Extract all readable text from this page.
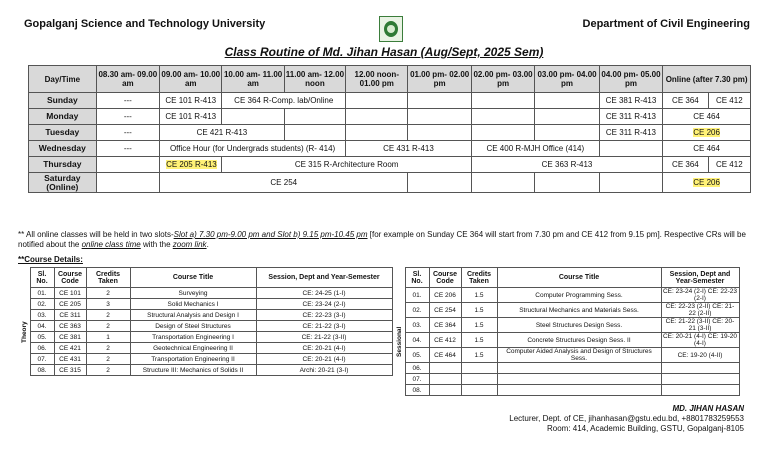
Gopalganj Science and Technology University	Department of Civil Engineering
Class Routine of Md. Jihan Hasan (Aug/Sept, 2025 Sem)
Day/Time	08.30 am- 09.00 am	09.00 am- 10.00 am	10.00 am- 11.00 am	11.00 am- 12.00 noon	12.00 noon- 01.00 pm	01.00 pm- 02.00 pm	02.00 pm- 03.00 pm	03.00 pm- 04.00 pm	04.00 pm- 05.00 pm	Online (after 7.30 pm)	
Sunday	---	CE 101 R-413	CE 364 R-Comp. lab/Online						CE 381 R-413	CE 364	CE 412
Monday	---	CE 101 R-413							CE 311 R-413	CE 464	
Tuesday	---	CE 421 R-413							CE 311 R-413	CE 206	
Wednesday	---	Office Hour (for Undergrads students) (R- 414)			CE 431 R-413		CE 400 R-MJH Office (414)			CE 464	
Thursday		CE 205 R-413	CE 315 R-Architecture Room				CE 363 R-413			CE 364	CE 412
Saturday (Online)		CE 254								CE 206	
** All online classes will be held in two slots-Slot a) 7.30 pm-9.00 pm and Slot b) 9.15 pm-10.45 pm [for example on Sunday CE 364 will start from 7.30 pm and CE 412 from 9.15 pm]. Respective CRs will be notified about the online class time with the zoom link.
**Course Details:
	Sl. No.	Course Code	Credits Taken	Course Title	Session, Dept and Year-Semester
Theory	01.	CE 101	2	Surveying	CE: 24-25 (1-I)
	02.	CE 205	3	Solid Mechanics I	CE: 23-24 (2-I)
	03.	CE 311	2	Structural Analysis and Design I	CE: 22-23 (3-I)
	04.	CE 363	2	Design of Steel Structures	CE: 21-22 (3-I)
	05.	CE 381	1	Transportation Engineering I	CE: 21-22 (3-II)
	06.	CE 421	2	Geotechnical Engineering II	CE: 20-21 (4-I)
	07.	CE 431	2	Transportation Engineering II	CE: 20-21 (4-I)
	08.	CE 315	2	Structure III: Mechanics of Solids II	Archi: 20-21 (3-I)
	Sl. No.	Course Code	Credits Taken	Course Title	Session, Dept and Year-Semester
Sessional	01.	CE 206	1.5	Computer Programming Sess.	CE: 23-24 (2-I) CE: 22-23 (2-I)
	02.	CE 254	1.5	Structural Mechanics and Materials Sess.	CE: 22-23 (2-II) CE: 21-22 (2-II)
	03.	CE 364	1.5	Steel Structures Design Sess.	CE: 21-22 (3-II) CE: 20-21 (3-II)
	04.	CE 412	1.5	Concrete Structures Design Sess. II	CE: 20-21 (4-I) CE: 19-20 (4-I)
	05.	CE 464	1.5	Computer Aided Analysis and Design of Structures Sess.	CE: 19-20 (4-II)
	06.				
	07.				
	08.				
MD. JIHAN HASAN
Lecturer, Dept. of CE, jihanhasan@gstu.edu.bd, +8801783259553
Room: 414, Academic Building, GSTU, Gopalganj-8105
